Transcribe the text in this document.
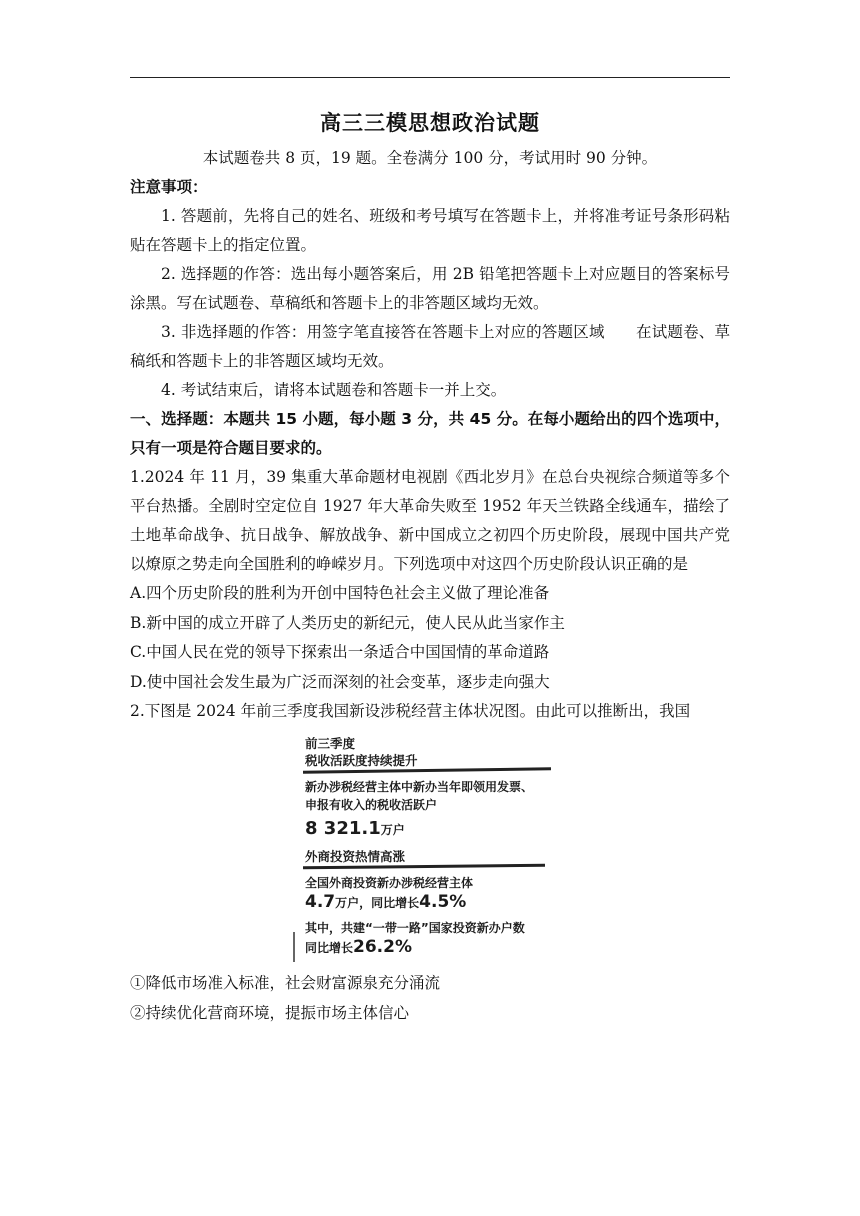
高三三模思想政治试题

本试题卷共 8 页，19 题。全卷满分 100 分，考试用时 90 分钟。

注意事项：

1. 答题前，先将自己的姓名、班级和考号填写在答题卡上，并将准考证号条形码粘贴在答题卡上的指定位置。

2. 选择题的作答：选出每小题答案后，用 2B 铅笔把答题卡上对应题目的答案标号涂黑。写在试题卷、草稿纸和答题卡上的非答题区域均无效。

3. 非选择题的作答：用签字笔直接答在答题卡上对应的答题区域　　在试题卷、草稿纸和答题卡上的非答题区域均无效。

4. 考试结束后，请将本试题卷和答题卡一并上交。

一、选择题：本题共 15 小题，每小题 3 分，共 45 分。在每小题给出的四个选项中，只有一项是符合题目要求的。

1.2024 年 11 月，39 集重大革命题材电视剧《西北岁月》在总台央视综合频道等多个平台热播。全剧时空定位自 1927 年大革命失败至 1952 年天兰铁路全线通车，描绘了土地革命战争、抗日战争、解放战争、新中国成立之初四个历史阶段，展现中国共产党以燎原之势走向全国胜利的峥嵘岁月。下列选项中对这四个历史阶段认识正确的是

A.四个历史阶段的胜利为开创中国特色社会主义做了理论准备

B.新中国的成立开辟了人类历史的新纪元，使人民从此当家作主

C.中国人民在党的领导下探索出一条适合中国国情的革命道路

D.使中国社会发生最为广泛而深刻的社会变革，逐步走向强大

2.下图是 2024 年前三季度我国新设涉税经营主体状况图。由此可以推断出，我国

前三季度
税收活跃度持续提升
新办涉税经营主体中新办当年即领用发票、
申报有收入的税收活跃户
8 321.1万户
外商投资热情高涨
全国外商投资新办涉税经营主体
4.7万户，同比增长4.5%
其中，共建“一带一路”国家投资新办户数
同比增长26.2%

①降低市场准入标准，社会财富源泉充分涌流

②持续优化营商环境，提振市场主体信心
